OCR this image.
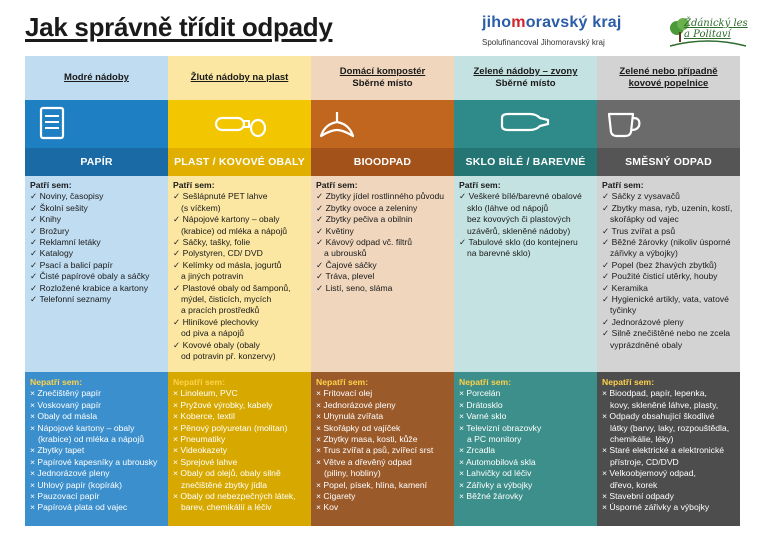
Jak správně třídit odpady	jihomoravský kraj
Spolufinancoval Jihomoravský kraj
Ždánický les a Politaví
Modré nádoby
PAPÍR
Patří sem:
✓ Noviny, časopisy
✓ Školní sešity
✓ Knihy
✓ Brožury
✓ Reklamní letáky
✓ Katalogy
✓ Psací a balicí papír
✓ Čisté papírové obaly a sáčky
✓ Rozložené krabice a kartony
✓ Telefonní seznamy
Nepatří sem:
× Znečištěný papír
× Voskovaný papír
× Obaly od másla
× Nápojové kartony – obaly
(krabice) od mléka a nápojů
× Zbytky tapet
× Papírové kapesníky a ubrousky
× Jednorázové pleny
× Uhlový papír (kopírák)
× Pauzovací papír
× Papírová plata od vajec
Žluté nádoby na plast
PLAST / KOVOVÉ OBALY
Patří sem:
✓ Sešlápnuté PET lahve
(s víčkem)
✓ Nápojové kartony – obaly
(krabice) od mléka a nápojů
✓ Sáčky, tašky, folie
✓ Polystyren, CD/ DVD
✓ Kelímky od másla, jogurtů
a jiných potravin
✓ Plastové obaly od šamponů,
mýdel, čisticích, mycích
a pracích prostředků
✓ Hliníkové plechovky
od piva a nápojů
✓ Kovové obaly (obaly
od potravin př. konzervy)
Nepatří sem:
× Linoleum, PVC
× Pryžové výrobky, kabely
× Koberce, textil
× Pěnový polyuretan (molitan)
× Pneumatiky
× Videokazety
× Sprejové lahve
× Obaly od olejů, obaly silně
znečištěné zbytky jídla
× Obaly od nebezpečných látek,
barev, chemikálií a léčiv
Domácí kompostér
Sběrné místo
BIOODPAD
Patří sem:
✓ Zbytky jídel rostlinného původu
✓ Zbytky ovoce a zeleniny
✓ Zbytky pečiva a obilnin
✓ Květiny
✓ Kávový odpad vč. filtrů
a ubrousků
✓ Čajové sáčky
✓ Tráva, plevel
✓ Listí, seno, sláma
Nepatří sem:
× Fritovací olej
× Jednorázové pleny
× Uhynulá zvířata
× Skořápky od vajíček
× Zbytky masa, kosti, kůže
× Trus zvířat a psů, zvířecí srst
× Větve a dřevěný odpad
(piliny, hobliny)
× Popel, písek, hlína, kamení
× Cigarety
× Kov
Zelené nádoby – zvony
Sběrné místo
SKLO BÍLÉ / BAREVNÉ
Patří sem:
✓ Veškeré bílé/barevné obalové
sklo (láhve od nápojů
bez kovových či plastových
uzávěrů, skleněné nádoby)
✓ Tabulové sklo (do kontejneru
na barevné sklo)
Nepatří sem:
× Porcelán
× Drátosklo
× Varné sklo
× Televizní obrazovky
a PC monitory
× Zrcadla
× Automobilová skla
× Lahvičky od léčiv
× Zářivky a výbojky
× Běžné žárovky
Zelené nebo případně
kovové popelnice
SMĚSNÝ ODPAD
Patří sem:
✓ Sáčky z vysavačů
✓ Zbytky masa, ryb, uzenin, kostí,
skořápky od vajec
✓ Trus zvířat a psů
✓ Běžné žárovky (nikoliv úsporné
zářivky a výbojky)
✓ Popel (bez žhavých zbytků)
✓ Použité čisticí utěrky, houby
✓ Keramika
✓ Hygienické artikly, vata, vatové
tyčinky
✓ Jednorázové pleny
✓ Silně znečištěné nebo ne zcela
vyprázdněné obaly
Nepatří sem:
× Bioodpad, papír, lepenka,
kovy, skleněné láhve, plasty,
× Odpady obsahující škodlivé
látky (barvy, laky, rozpouštědla,
chemikálie, léky)
× Staré elektrické a elektronické
přístroje, CD/DVD
× Velkoobjemový odpad,
dřevo, korek
× Stavební odpady
× Úsporné zářivky a výbojky
